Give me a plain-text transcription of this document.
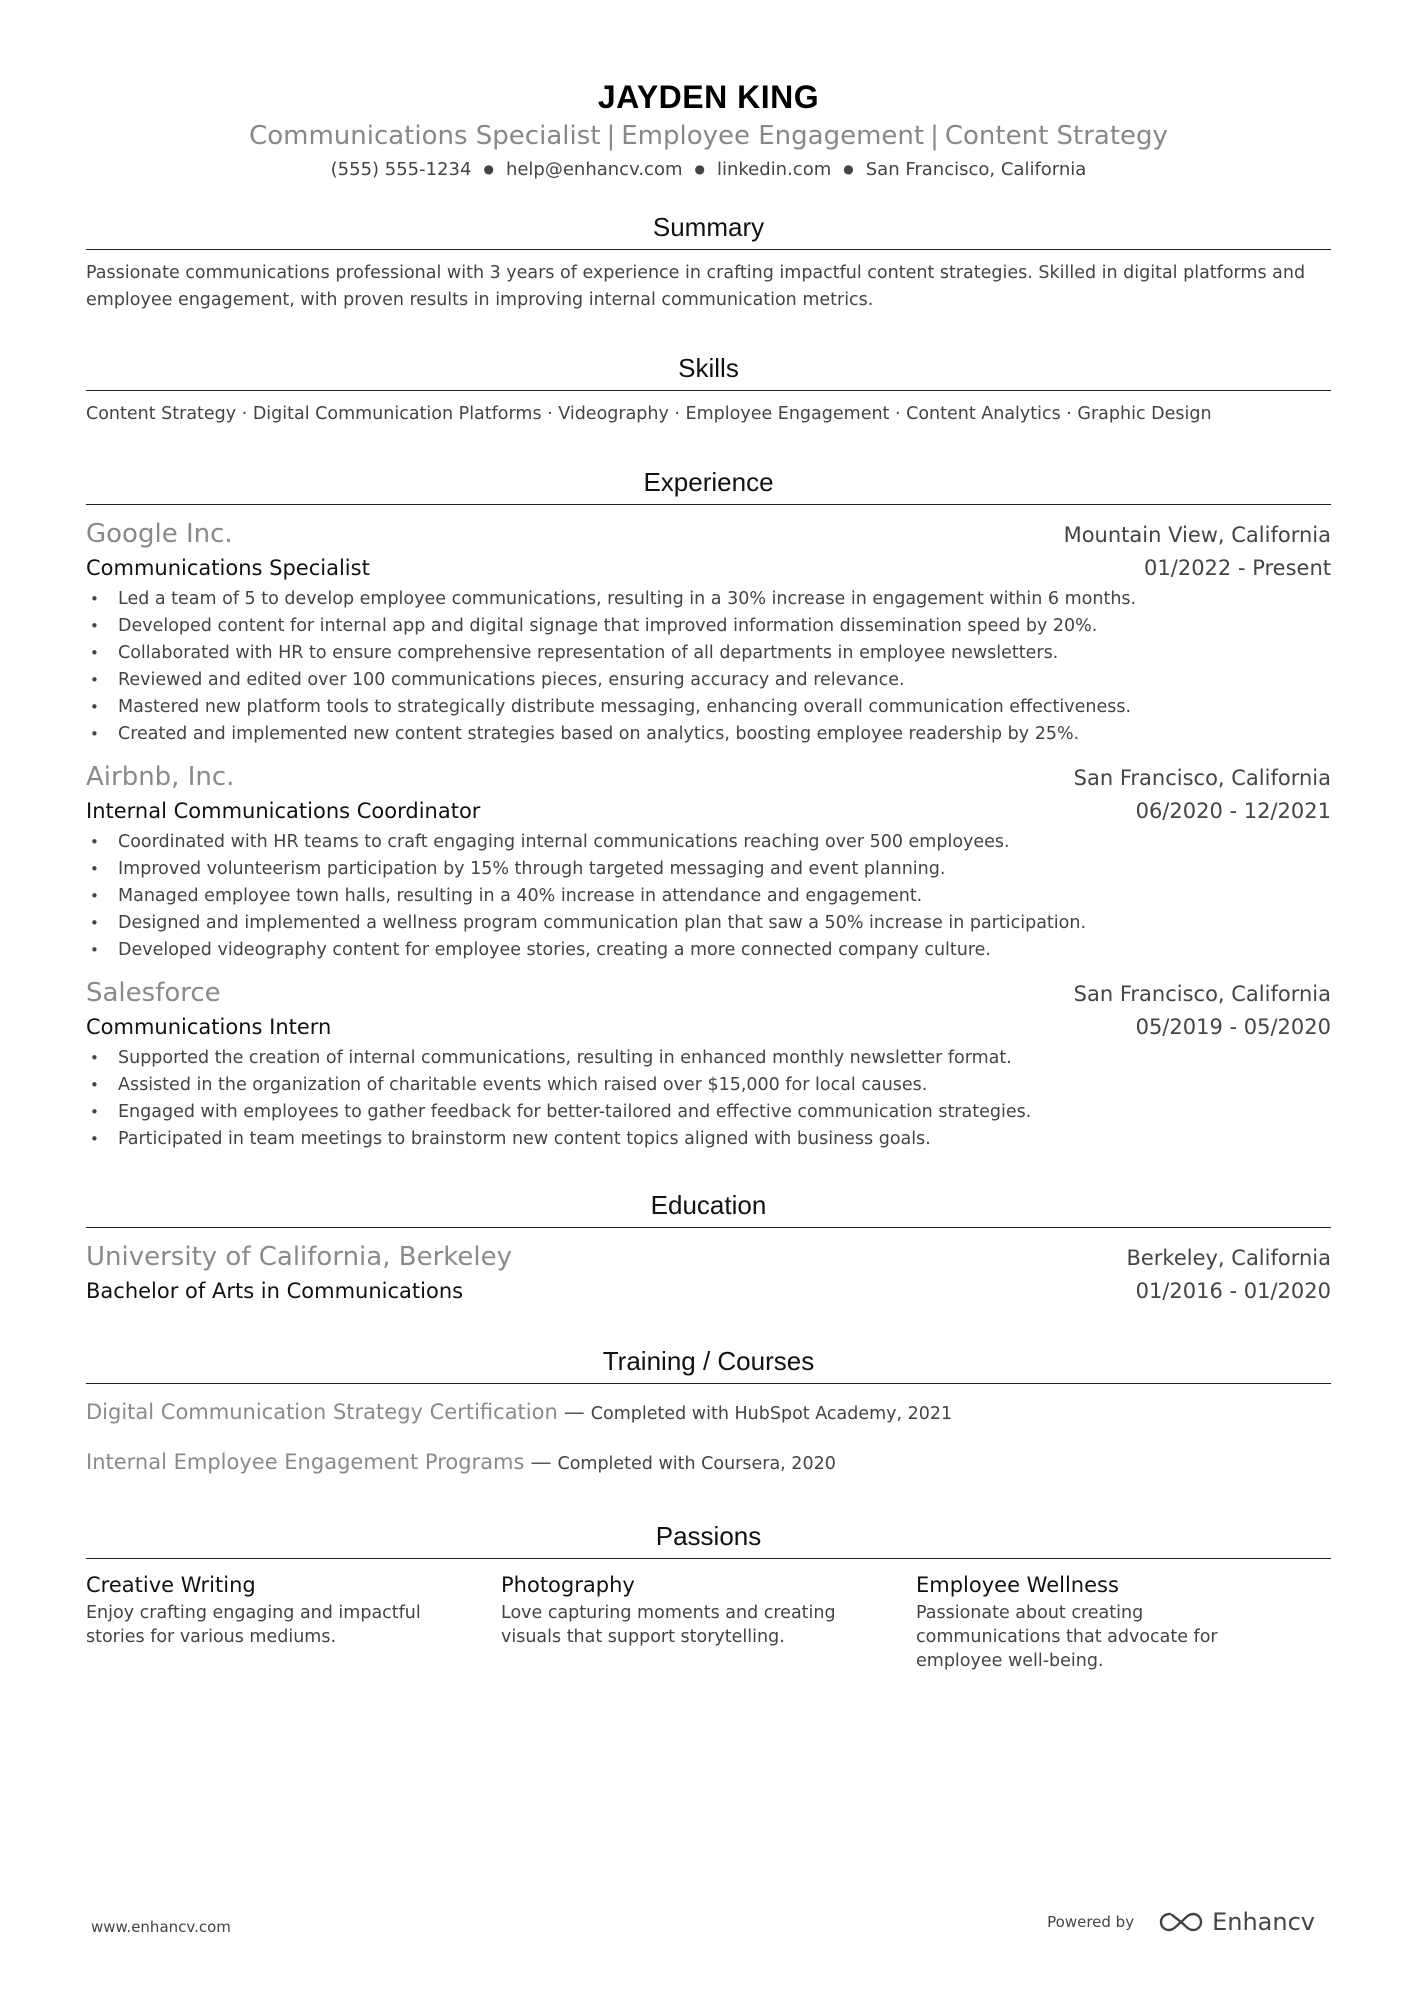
JAYDEN KING
Communications Specialist | Employee Engagement | Content Strategy
(555) 555-1234 ● help@enhancv.com ● linkedin.com ● San Francisco, California
Summary
Passionate communications professional with 3 years of experience in crafting impactful content strategies. Skilled in digital platforms and employee engagement, with proven results in improving internal communication metrics.
Skills
Content Strategy · Digital Communication Platforms · Videography · Employee Engagement · Content Analytics · Graphic Design
Experience
Google Inc.	Mountain View, California
Communications Specialist	01/2022 - Present
• Led a team of 5 to develop employee communications, resulting in a 30% increase in engagement within 6 months.
• Developed content for internal app and digital signage that improved information dissemination speed by 20%.
• Collaborated with HR to ensure comprehensive representation of all departments in employee newsletters.
• Reviewed and edited over 100 communications pieces, ensuring accuracy and relevance.
• Mastered new platform tools to strategically distribute messaging, enhancing overall communication effectiveness.
• Created and implemented new content strategies based on analytics, boosting employee readership by 25%.
Airbnb, Inc.	San Francisco, California
Internal Communications Coordinator	06/2020 - 12/2021
• Coordinated with HR teams to craft engaging internal communications reaching over 500 employees.
• Improved volunteerism participation by 15% through targeted messaging and event planning.
• Managed employee town halls, resulting in a 40% increase in attendance and engagement.
• Designed and implemented a wellness program communication plan that saw a 50% increase in participation.
• Developed videography content for employee stories, creating a more connected company culture.
Salesforce	San Francisco, California
Communications Intern	05/2019 - 05/2020
• Supported the creation of internal communications, resulting in enhanced monthly newsletter format.
• Assisted in the organization of charitable events which raised over $15,000 for local causes.
• Engaged with employees to gather feedback for better-tailored and effective communication strategies.
• Participated in team meetings to brainstorm new content topics aligned with business goals.
Education
University of California, Berkeley	Berkeley, California
Bachelor of Arts in Communications	01/2016 - 01/2020
Training / Courses
Digital Communication Strategy Certification — Completed with HubSpot Academy, 2021
Internal Employee Engagement Programs — Completed with Coursera, 2020
Passions
Creative Writing
Enjoy crafting engaging and impactful stories for various mediums.
Photography
Love capturing moments and creating visuals that support storytelling.
Employee Wellness
Passionate about creating communications that advocate for employee well-being.
www.enhancv.com	Powered by	Enhancv
